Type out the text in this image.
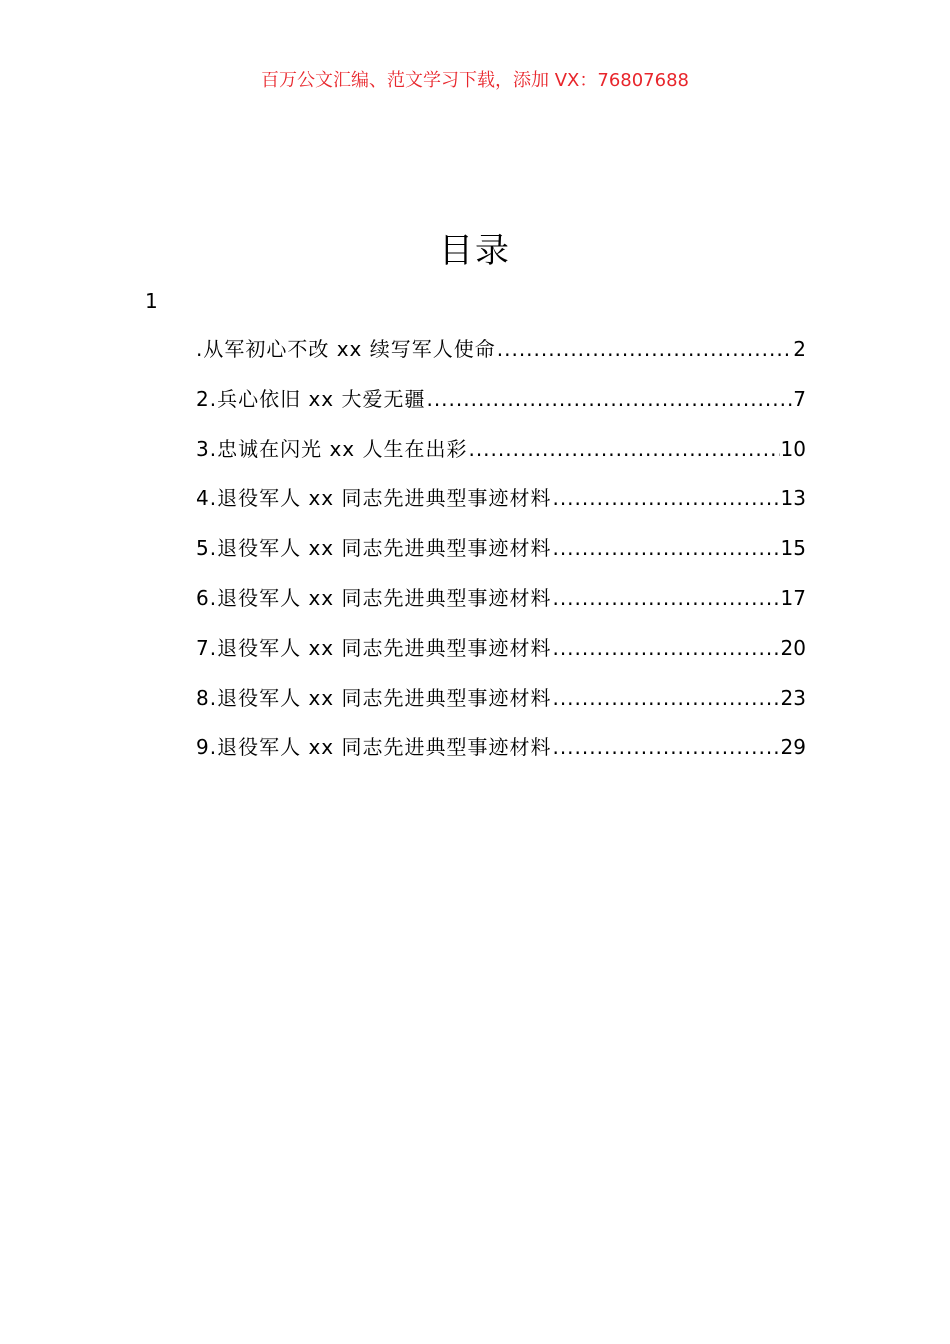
百万公文汇编、范文学习下载，添加 VX：76807688
目录
1
.从军初心不改 xx 续写军人使命 .....	2
2.兵心依旧 xx 大爱无疆 .....	7
3.忠诚在闪光 xx 人生在出彩 .....	10
4.退役军人 xx 同志先进典型事迹材料 .....	13
5.退役军人 xx 同志先进典型事迹材料 .....	15
6.退役军人 xx 同志先进典型事迹材料 .....	17
7.退役军人 xx 同志先进典型事迹材料 .....	20
8.退役军人 xx 同志先进典型事迹材料 .....	23
9.退役军人 xx 同志先进典型事迹材料 .....	29
